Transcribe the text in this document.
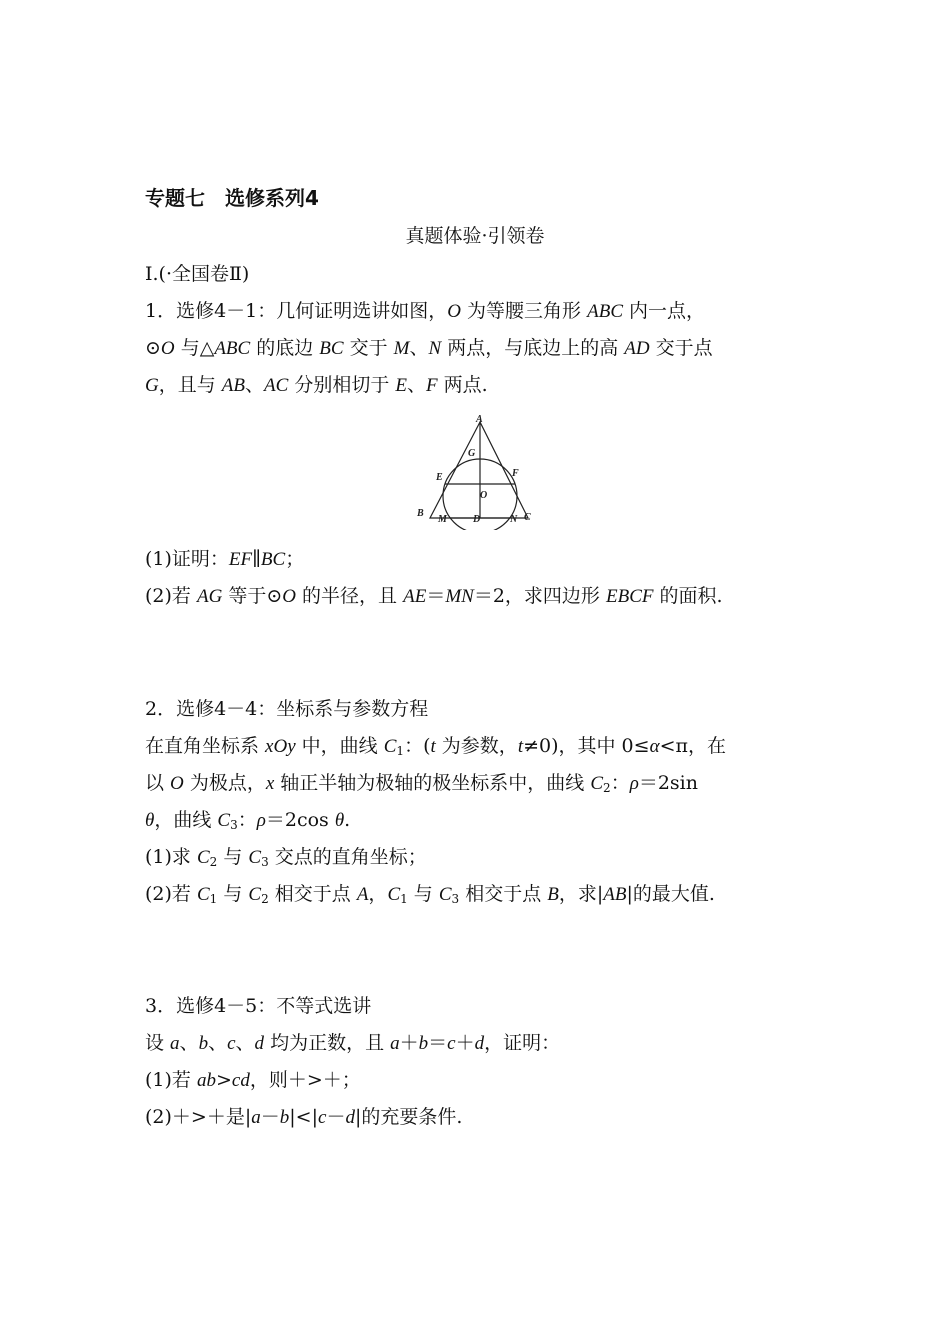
专题七　选修系列4
真题体验·引领卷
Ⅰ.(·全国卷Ⅱ)
1．选修4－1：几何证明选讲如图，O 为等腰三角形 ABC 内一点，
⊙O 与△ABC 的底边 BC 交于 M、N 两点，与底边上的高 AD 交于点
G，且与 AB、AC 分别相切于 E、F 两点.
A
G
E	F
O
B
M	D	N C
(1)证明：EF∥BC；
(2)若 AG 等于⊙O 的半径，且 AE＝MN＝2，求四边形 EBCF 的面积.
2．选修4－4：坐标系与参数方程
在直角坐标系 xOy 中，曲线 $C_1$：(t 为参数，t≠0)，其中 0≤α<π，在
以 O 为极点，x 轴正半轴为极轴的极坐标系中，曲线 $C_2$：ρ＝2sin
θ，曲线 $C_3$：ρ＝2cos θ.
(1)求 $C_2$ 与 $C_3$ 交点的直角坐标；
(2)若 $C_1$ 与 $C_2$ 相交于点 A，$C_1$ 与 $C_3$ 相交于点 B，求|AB|的最大值.
3．选修4－5：不等式选讲
设 a、b、c、d 均为正数，且 a＋b＝c＋d，证明：
(1)若 ab>cd，则＋>＋；
(2)＋>＋是|a－b|<|c－d|的充要条件.
